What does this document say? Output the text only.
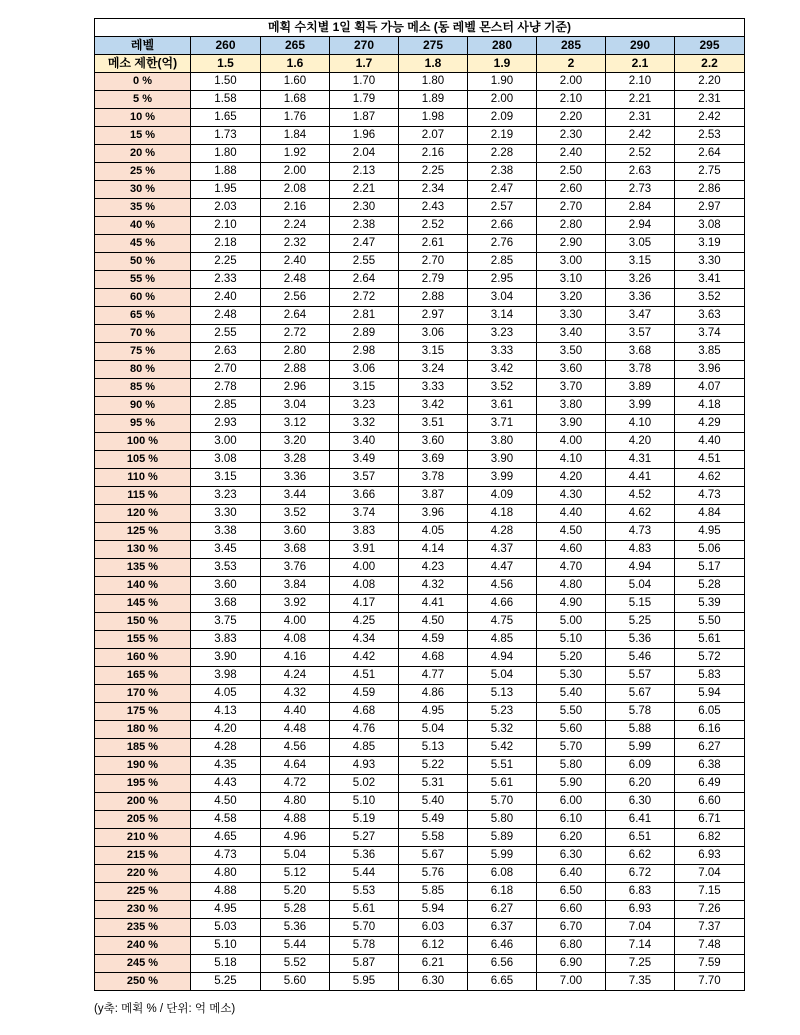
메획 수치별 1일 획득 가능 메소 (동 레벨 몬스터 사냥 기준)								
레벨	260	265	270	275	280	285	290	295
메소 제한(억)	1.5	1.6	1.7	1.8	1.9	2	2.1	2.2
0 %	1.50	1.60	1.70	1.80	1.90	2.00	2.10	2.20
5 %	1.58	1.68	1.79	1.89	2.00	2.10	2.21	2.31
10 %	1.65	1.76	1.87	1.98	2.09	2.20	2.31	2.42
15 %	1.73	1.84	1.96	2.07	2.19	2.30	2.42	2.53
20 %	1.80	1.92	2.04	2.16	2.28	2.40	2.52	2.64
25 %	1.88	2.00	2.13	2.25	2.38	2.50	2.63	2.75
30 %	1.95	2.08	2.21	2.34	2.47	2.60	2.73	2.86
35 %	2.03	2.16	2.30	2.43	2.57	2.70	2.84	2.97
40 %	2.10	2.24	2.38	2.52	2.66	2.80	2.94	3.08
45 %	2.18	2.32	2.47	2.61	2.76	2.90	3.05	3.19
50 %	2.25	2.40	2.55	2.70	2.85	3.00	3.15	3.30
55 %	2.33	2.48	2.64	2.79	2.95	3.10	3.26	3.41
60 %	2.40	2.56	2.72	2.88	3.04	3.20	3.36	3.52
65 %	2.48	2.64	2.81	2.97	3.14	3.30	3.47	3.63
70 %	2.55	2.72	2.89	3.06	3.23	3.40	3.57	3.74
75 %	2.63	2.80	2.98	3.15	3.33	3.50	3.68	3.85
80 %	2.70	2.88	3.06	3.24	3.42	3.60	3.78	3.96
85 %	2.78	2.96	3.15	3.33	3.52	3.70	3.89	4.07
90 %	2.85	3.04	3.23	3.42	3.61	3.80	3.99	4.18
95 %	2.93	3.12	3.32	3.51	3.71	3.90	4.10	4.29
100 %	3.00	3.20	3.40	3.60	3.80	4.00	4.20	4.40
105 %	3.08	3.28	3.49	3.69	3.90	4.10	4.31	4.51
110 %	3.15	3.36	3.57	3.78	3.99	4.20	4.41	4.62
115 %	3.23	3.44	3.66	3.87	4.09	4.30	4.52	4.73
120 %	3.30	3.52	3.74	3.96	4.18	4.40	4.62	4.84
125 %	3.38	3.60	3.83	4.05	4.28	4.50	4.73	4.95
130 %	3.45	3.68	3.91	4.14	4.37	4.60	4.83	5.06
135 %	3.53	3.76	4.00	4.23	4.47	4.70	4.94	5.17
140 %	3.60	3.84	4.08	4.32	4.56	4.80	5.04	5.28
145 %	3.68	3.92	4.17	4.41	4.66	4.90	5.15	5.39
150 %	3.75	4.00	4.25	4.50	4.75	5.00	5.25	5.50
155 %	3.83	4.08	4.34	4.59	4.85	5.10	5.36	5.61
160 %	3.90	4.16	4.42	4.68	4.94	5.20	5.46	5.72
165 %	3.98	4.24	4.51	4.77	5.04	5.30	5.57	5.83
170 %	4.05	4.32	4.59	4.86	5.13	5.40	5.67	5.94
175 %	4.13	4.40	4.68	4.95	5.23	5.50	5.78	6.05
180 %	4.20	4.48	4.76	5.04	5.32	5.60	5.88	6.16
185 %	4.28	4.56	4.85	5.13	5.42	5.70	5.99	6.27
190 %	4.35	4.64	4.93	5.22	5.51	5.80	6.09	6.38
195 %	4.43	4.72	5.02	5.31	5.61	5.90	6.20	6.49
200 %	4.50	4.80	5.10	5.40	5.70	6.00	6.30	6.60
205 %	4.58	4.88	5.19	5.49	5.80	6.10	6.41	6.71
210 %	4.65	4.96	5.27	5.58	5.89	6.20	6.51	6.82
215 %	4.73	5.04	5.36	5.67	5.99	6.30	6.62	6.93
220 %	4.80	5.12	5.44	5.76	6.08	6.40	6.72	7.04
225 %	4.88	5.20	5.53	5.85	6.18	6.50	6.83	7.15
230 %	4.95	5.28	5.61	5.94	6.27	6.60	6.93	7.26
235 %	5.03	5.36	5.70	6.03	6.37	6.70	7.04	7.37
240 %	5.10	5.44	5.78	6.12	6.46	6.80	7.14	7.48
245 %	5.18	5.52	5.87	6.21	6.56	6.90	7.25	7.59
250 %	5.25	5.60	5.95	6.30	6.65	7.00	7.35	7.70
(y축: 메획 % / 단위: 억 메소)
